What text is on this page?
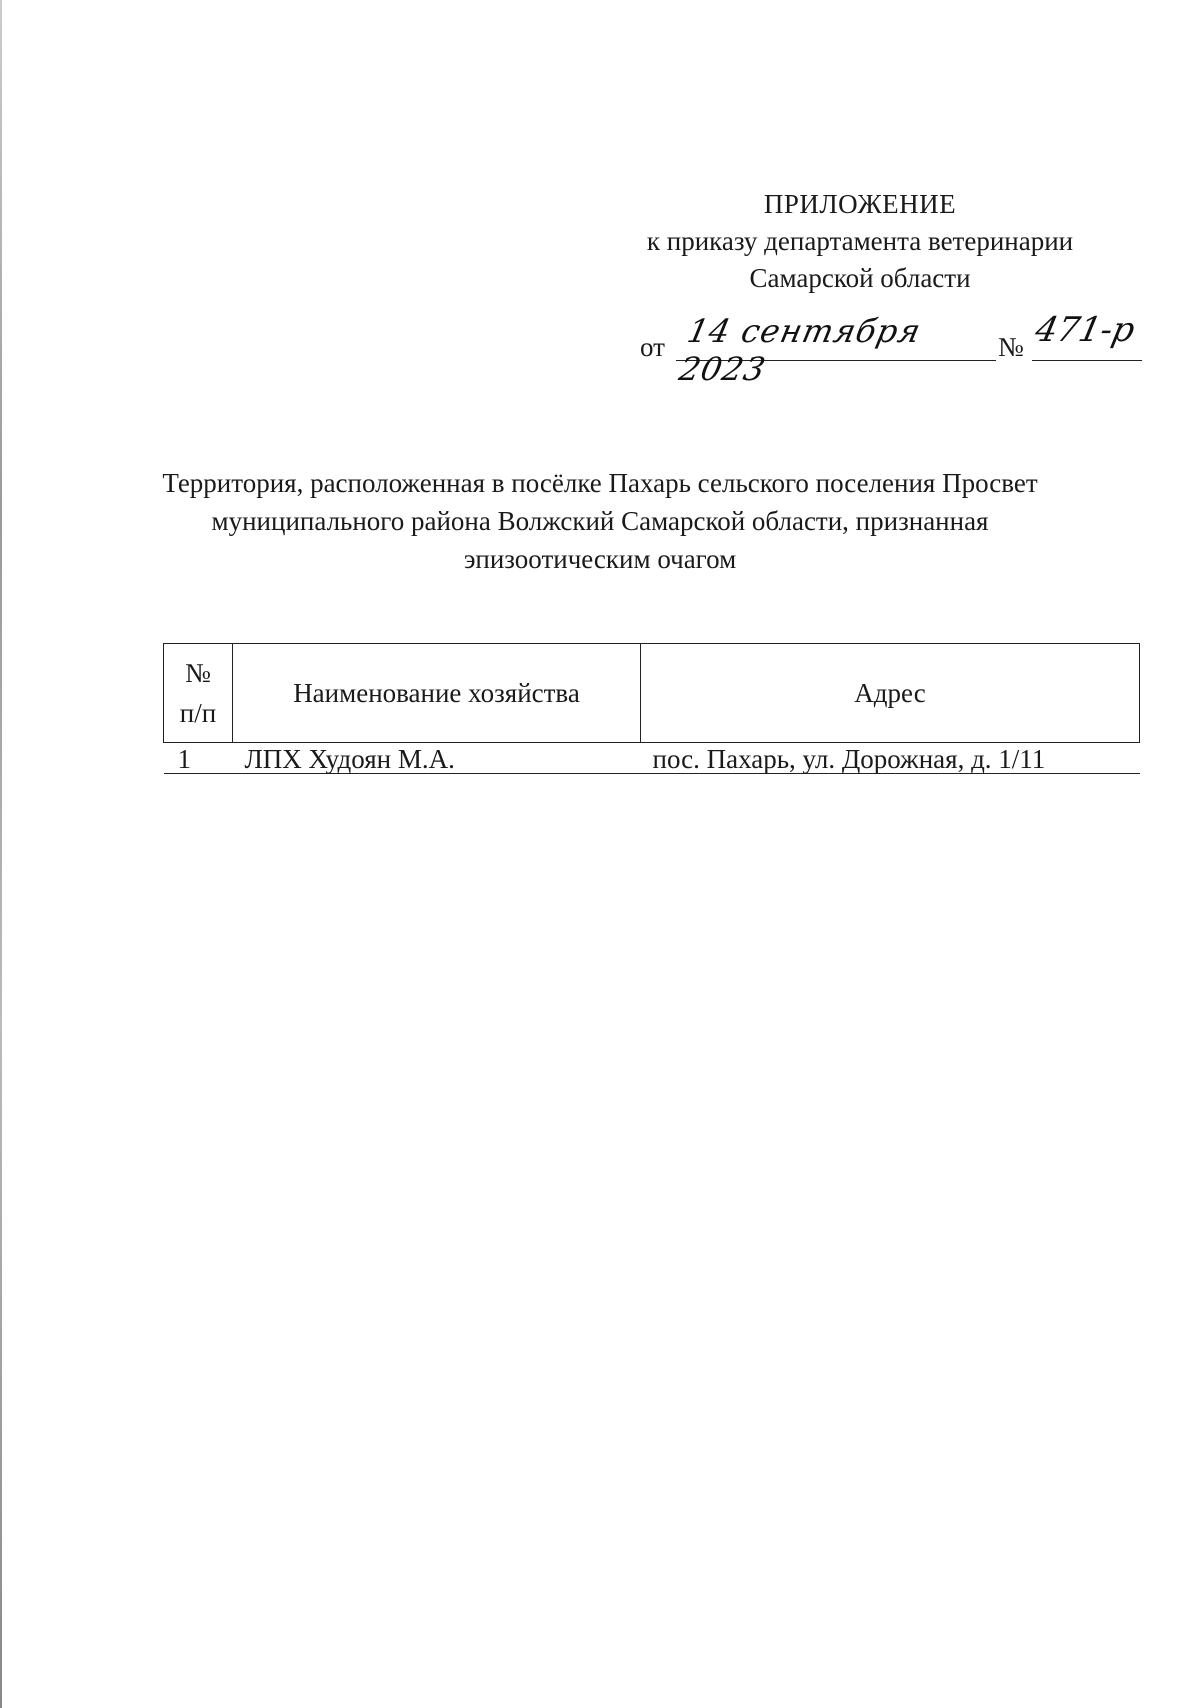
ПРИЛОЖЕНИЕ
к приказу департамента ветеринарии
Самарской области
от 14 сентября 2023
№ 471-р
Территория, расположенная в посёлке Пахарь сельского поселения Просвет
муниципального района Волжский Самарской области, признанная
эпизоотическим очагом
№
п/п	Наименование хозяйства	Адрес
1	ЛПХ Худоян М.А.	пос. Пахарь, ул. Дорожная, д. 1/11
